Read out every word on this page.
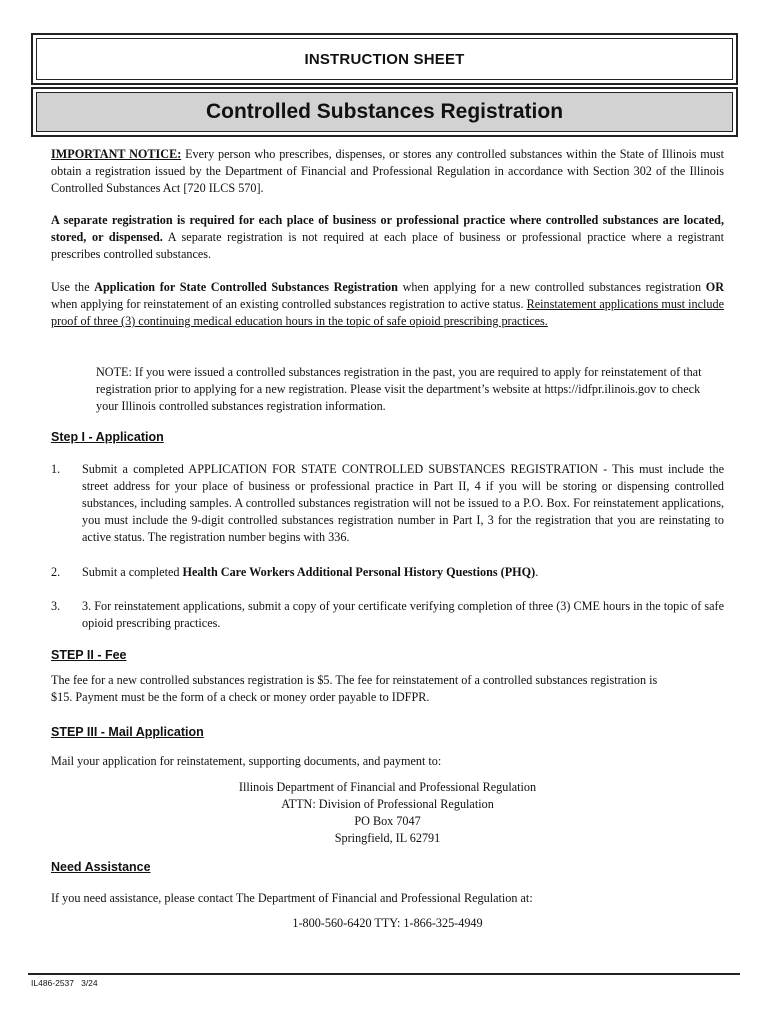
INSTRUCTION SHEET
Controlled Substances Registration

IMPORTANT NOTICE: Every person who prescribes, dispenses, or stores any controlled substances within the State of Illinois must obtain a registration issued by the Department of Financial and Professional Regulation in accordance with Section 302 of the Illinois Controlled Substances Act [720 ILCS 570].

A separate registration is required for each place of business or professional practice where controlled substances are located, stored, or dispensed. A separate registration is not required at each place of business or professional practice where a registrant prescribes controlled substances.

Use the Application for State Controlled Substances Registration when applying for a new controlled substances registration OR when applying for reinstatement of an existing controlled substances registration to active status. Reinstatement applications must include proof of three (3) continuing medical education hours in the topic of safe opioid prescribing practices.

NOTE: If you were issued a controlled substances registration in the past, you are required to apply for reinstatement of that registration prior to applying for a new registration. Please visit the department’s website at https://idfpr.ilinois.gov to check your Illinois controlled substances registration information.

Step I - Application
1.	Submit a completed APPLICATION FOR STATE CONTROLLED SUBSTANCES REGISTRATION - This must include the street address for your place of business or professional practice in Part II, 4 if you will be storing or dispensing controlled substances, including samples. A controlled substances registration will not be issued to a P.O. Box. For reinstatement applications, you must include the 9-digit controlled substances registration number in Part I, 3 for the registration that you are reinstating to active status. The registration number begins with 336.

2.	Submit a completed Health Care Workers Additional Personal History Questions (PHQ).

3.	3. For reinstatement applications, submit a copy of your certificate verifying completion of three (3) CME hours in the topic of safe opioid prescribing practices.

STEP II - Fee

The fee for a new controlled substances registration is $5. The fee for reinstatement of a controlled substances registration is $15. Payment must be the form of a check or money order payable to IDFPR.

STEP III - Mail Application

Mail your application for reinstatement, supporting documents, and payment to:

Illinois Department of Financial and Professional Regulation

ATTN: Division of Professional Regulation

PO Box 7047

Springfield, IL 62791

Need Assistance

If you need assistance, please contact The Department of Financial and Professional Regulation at:

1-800-560-6420 TTY: 1-866-325-4949

IL486-2537   3/24
